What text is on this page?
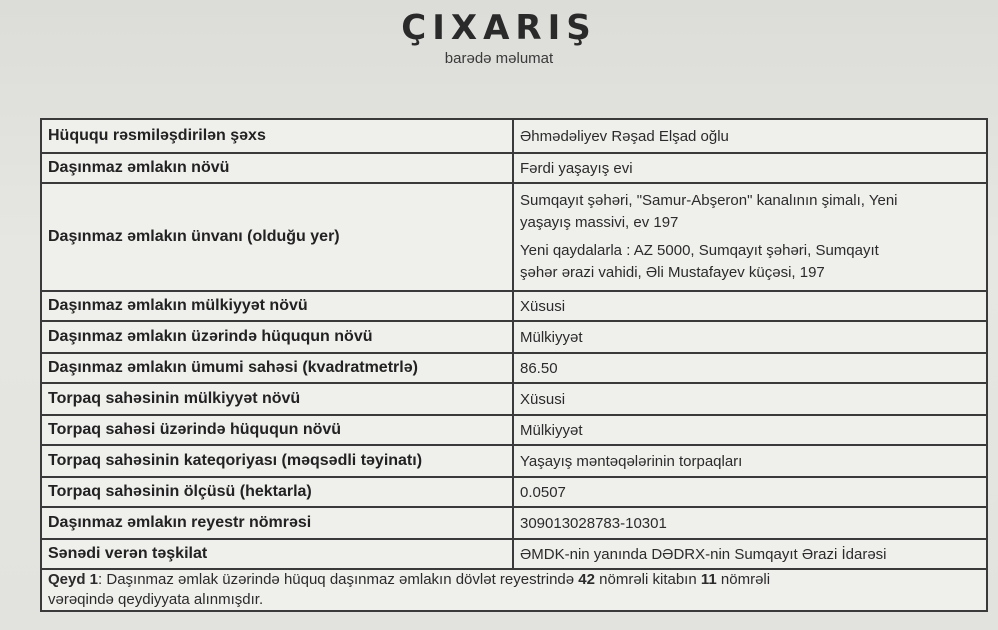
ÇIXARIŞ
barədə məlumat
Hüququ rəsmiləşdirilən şəxs	Əhmədəliyev Rəşad Elşad oğlu
Daşınmaz əmlakın növü	Fərdi yaşayış evi
Daşınmaz əmlakın ünvanı (olduğu yer)	Sumqayıt şəhəri, "Samur-Abşeron" kanalının şimalı, Yeni
yaşayış massivi, ev 197
Yeni qaydalarla : AZ 5000, Sumqayıt şəhəri, Sumqayıt
şəhər ərazi vahidi, Əli Mustafayev küçəsi, 197

Daşınmaz əmlakın mülkiyyət növü	Xüsusi
Daşınmaz əmlakın üzərində hüququn növü	Mülkiyyət
Daşınmaz əmlakın ümumi sahəsi (kvadratmetrlə)	86.50
Torpaq sahəsinin mülkiyyət növü	Xüsusi
Torpaq sahəsi üzərində hüququn növü	Mülkiyyət
Torpaq sahəsinin kateqoriyası (məqsədli təyinatı)	Yaşayış məntəqələrinin torpaqları
Torpaq sahəsinin ölçüsü (hektarla)	0.0507
Daşınmaz əmlakın reyestr nömrəsi	309013028783-10301
Sənədi verən təşkilat	ƏMDK-nin yanında DƏDRX-nin Sumqayıt Ərazi İdarəsi
Qeyd 1: Daşınmaz əmlak üzərində hüquq daşınmaz əmlakın dövlət reyestrində 42 nömrəli kitabın 11 nömrəli
vərəqində qeydiyyata alınmışdır.	
